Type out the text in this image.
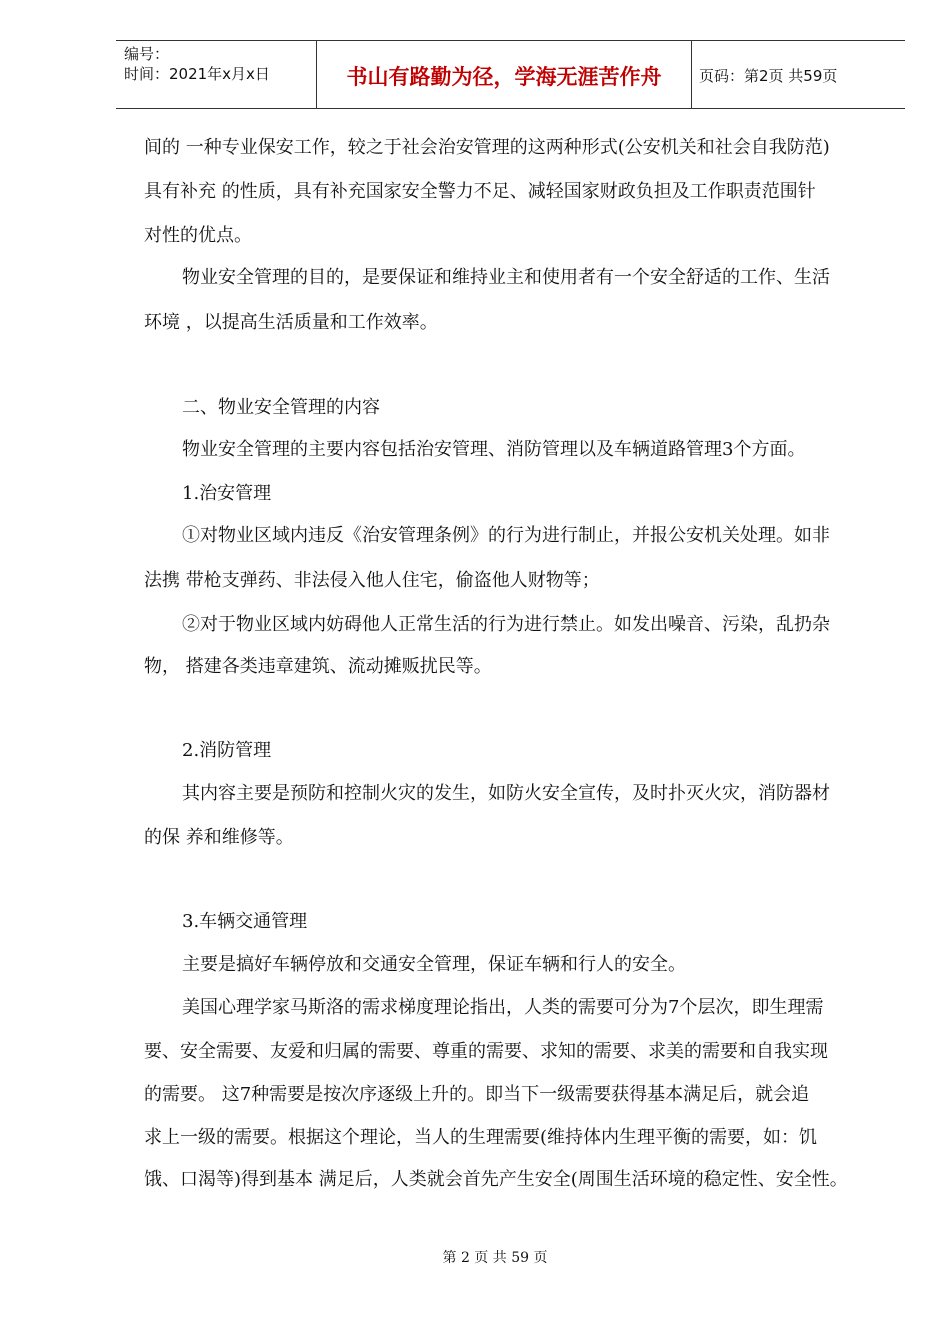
编号：
时间：2021年x月x日	书山有路勤为径，学海无涯苦作舟	页码：第2页 共59页
间的 一种专业保安工作，较之于社会治安管理的这两种形式(公安机关和社会自我防范)
具有补充 的性质，具有补充国家安全警力不足、减轻国家财政负担及工作职责范围针
对性的优点。
物业安全管理的目的，是要保证和维持业主和使用者有一个安全舒适的工作、生活
环境 ，以提高生活质量和工作效率。
二、物业安全管理的内容
物业安全管理的主要内容包括治安管理、消防管理以及车辆道路管理3个方面。
1.治安管理
①对物业区域内违反《治安管理条例》的行为进行制止，并报公安机关处理。如非
法携 带枪支弹药、非法侵入他人住宅，偷盗他人财物等；
②对于物业区域内妨碍他人正常生活的行为进行禁止。如发出噪音、污染，乱扔杂
物， 搭建各类违章建筑、流动摊贩扰民等。
2.消防管理
其内容主要是预防和控制火灾的发生，如防火安全宣传，及时扑灭火灾，消防器材
的保 养和维修等。
3.车辆交通管理
主要是搞好车辆停放和交通安全管理，保证车辆和行人的安全。
美国心理学家马斯洛的需求梯度理论指出，人类的需要可分为7个层次，即生理需
要、安全需要、友爱和归属的需要、尊重的需要、求知的需要、求美的需要和自我实现
的需要。 这7种需要是按次序逐级上升的。即当下一级需要获得基本满足后，就会追
求上一级的需要。根据这个理论，当人的生理需要(维持体内生理平衡的需要，如：饥
饿、口渴等)得到基本 满足后，人类就会首先产生安全(周围生活环境的稳定性、安全性。
第 2 页 共 59 页
